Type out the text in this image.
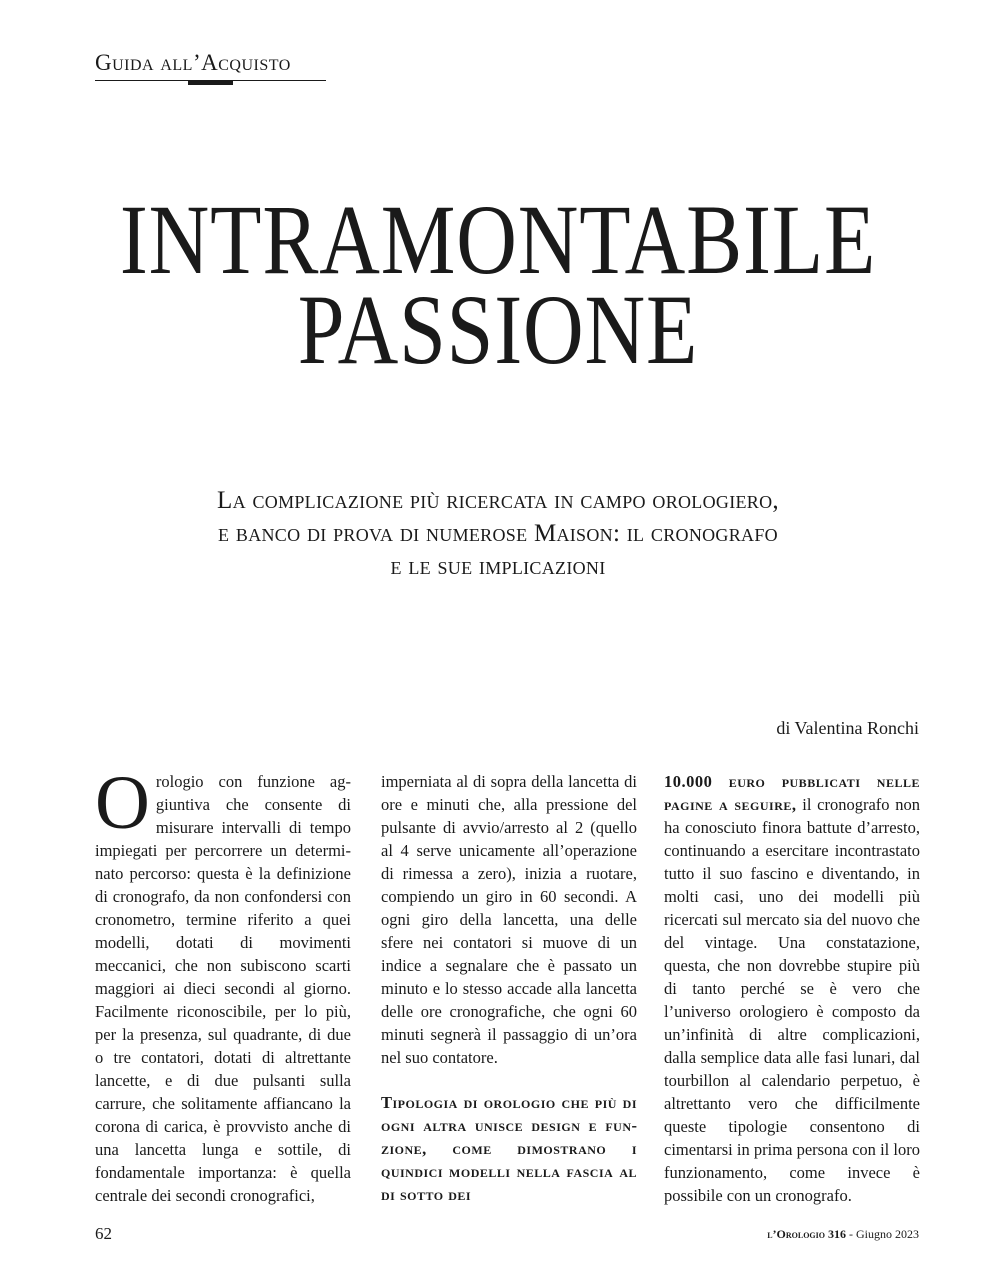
Guida all’Acquisto
INTRAMONTABILE
PASSIONE
La complicazione più ricercata in campo orologiero,
e banco di prova di numerose Maison: il cronografo
e le sue implicazioni
di Valentina Ronchi

Orologio con funzione aggiuntiva che consente di misurare intervalli di tempo impiegati per percorrere un determinato percorso: questa è la definizione di cronografo, da non confondersi con cronometro, termine riferito a quei modelli, dotati di movimenti meccanici, che non subiscono scarti maggiori ai dieci secondi al giorno. Facilmente riconoscibile, per lo più, per la presenza, sul quadrante, di due o tre contatori, dotati di altrettante lancette, e di due pulsanti sulla carrure, che solitamente affiancano la corona di carica, è provvisto anche di una lancetta lunga e sottile, di fondamentale importanza: è quella centrale dei secondi cronografici,

imperniata al di sopra della lancetta di ore e minuti che, alla pressione del pulsante di avvio/arresto al 2 (quello al 4 serve unicamente all’operazione di rimessa a zero), inizia a ruotare, compiendo un giro in 60 secondi. A ogni giro della lancetta, una delle sfere nei contatori si muove di un indice a segnalare che è passato un minuto e lo stesso accade alla lancetta delle ore cronografiche, che ogni 60 minuti segnerà il passaggio di un’ora nel suo contatore.

Tipologia di orologio che più di ogni altra unisce design e funzione, come dimostrano i quindici modelli nella fascia al di sotto dei

10.000 euro pubblicati nelle pagine a seguire, il cronografo non ha conosciuto finora battute d’arresto, continuando a esercitare incontrastato tutto il suo fascino e diventando, in molti casi, uno dei modelli più ricercati sul mercato sia del nuovo che del vintage. Una constatazione, questa, che non dovrebbe stupire più di tanto perché se è vero che l’universo orologiero è composto da un’infinità di altre complicazioni, dalla semplice data alle fasi lunari, dal tourbillon al calendario perpetuo, è altrettanto vero che difficilmente queste tipologie consentono di cimentarsi in prima persona con il loro funzionamento, come invece è possibile con un cronografo.

62	l’Orologio 316 - Giugno 2023
